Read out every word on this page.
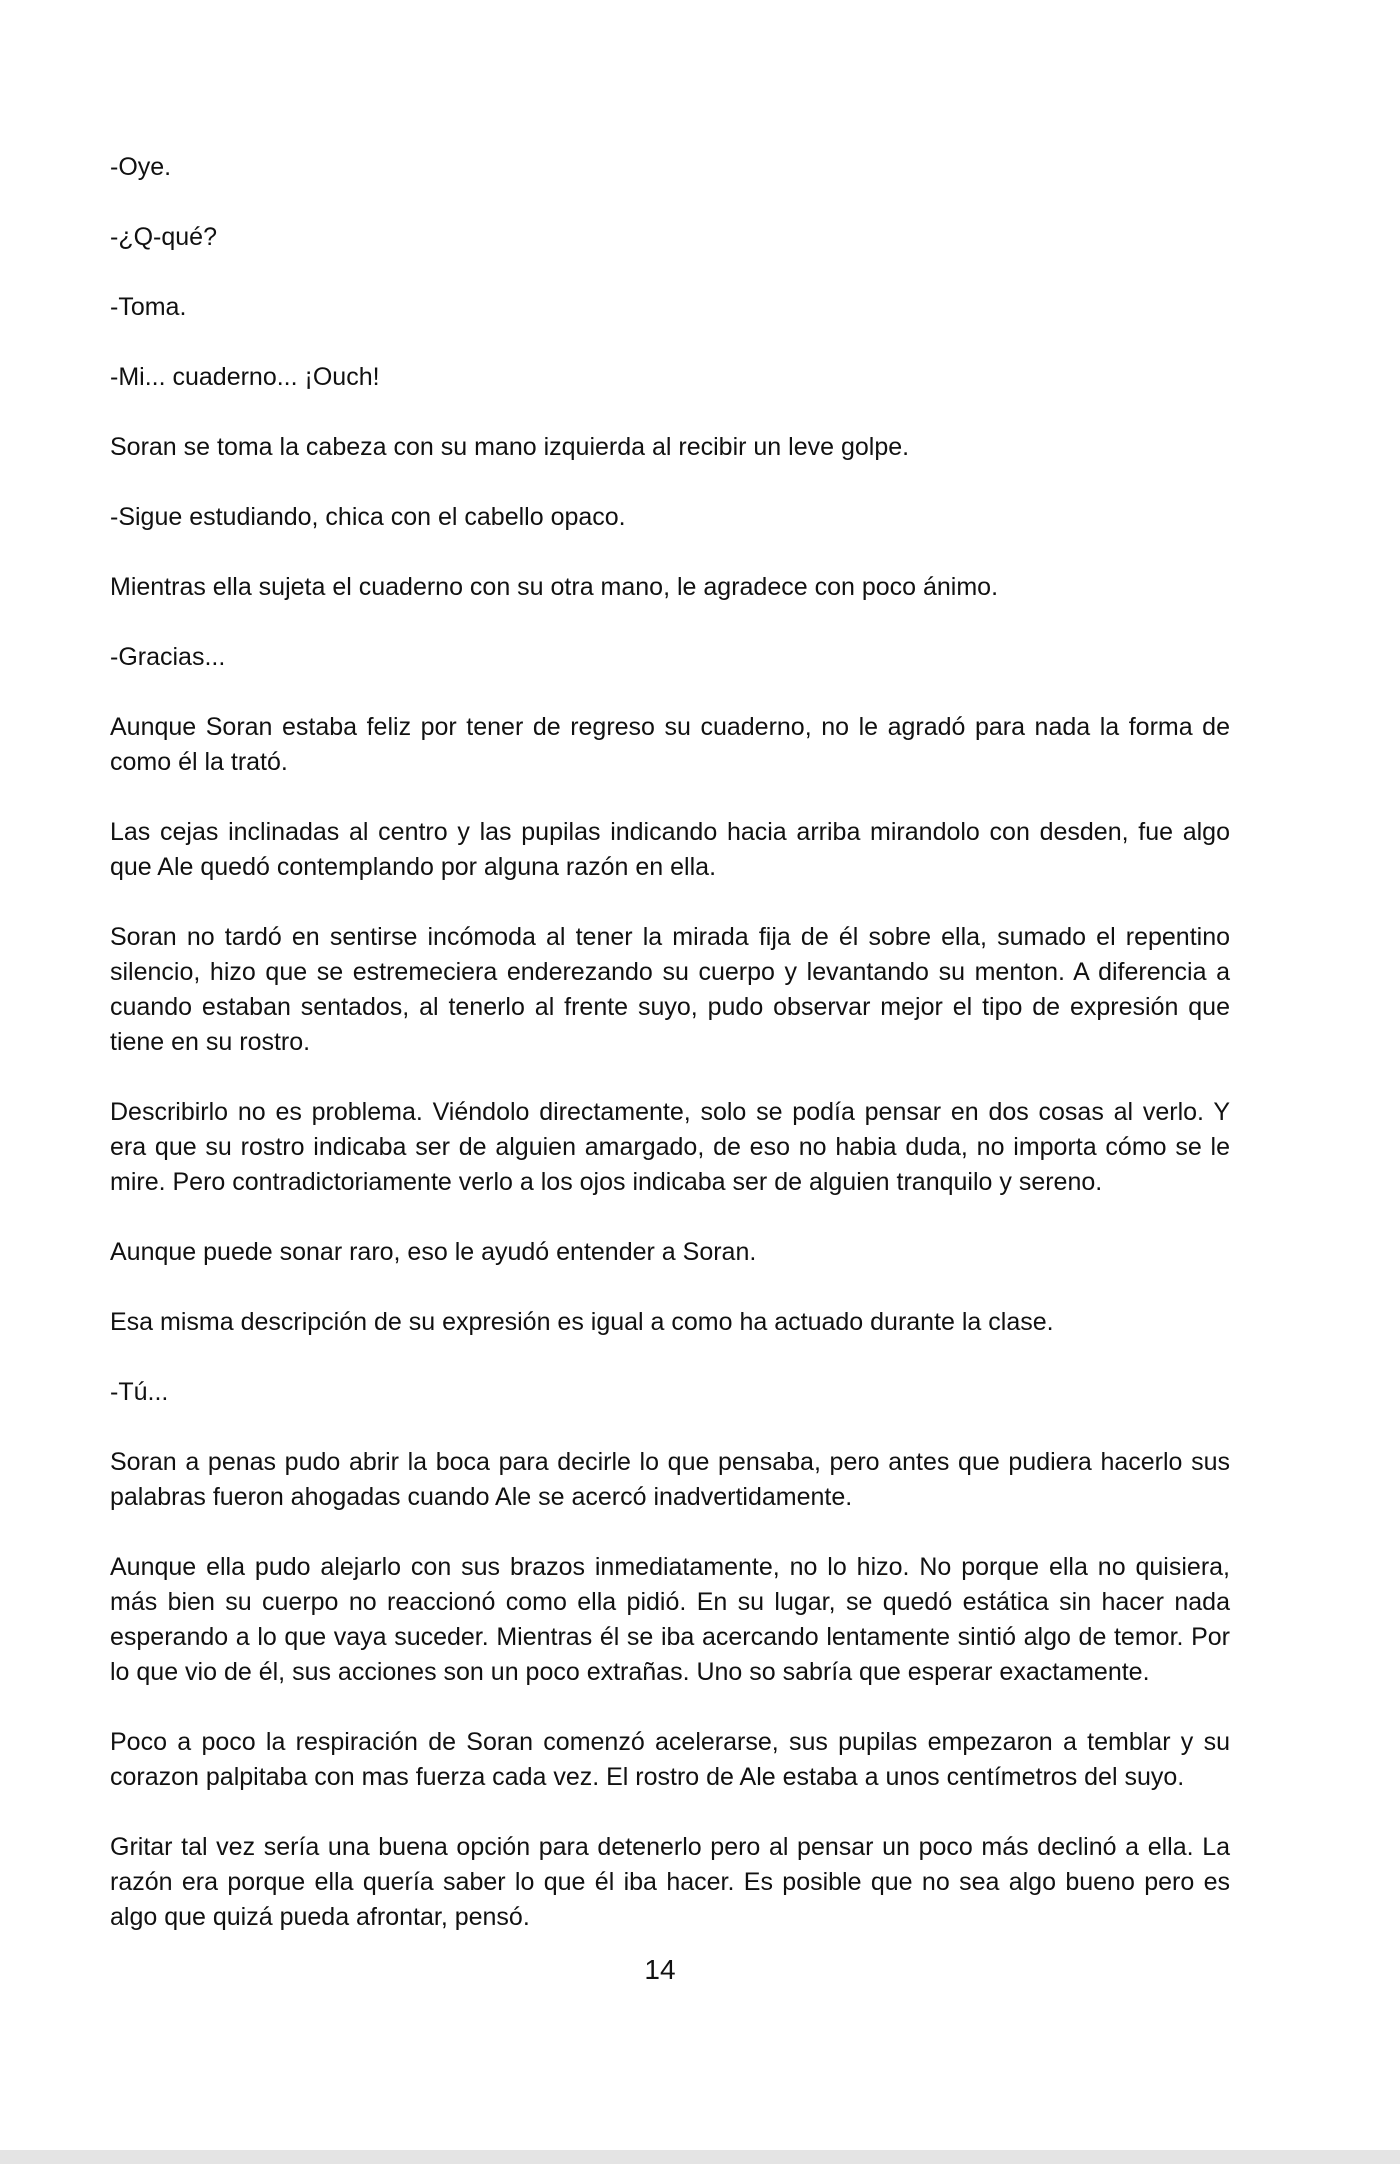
-Oye.

-¿Q-qué?

-Toma.

-Mi... cuaderno... ¡Ouch!

Soran se toma la cabeza con su mano izquierda al recibir un leve golpe.

-Sigue estudiando, chica con el cabello opaco.

Mientras ella sujeta el cuaderno con su otra mano, le agradece con poco ánimo.

-Gracias...

Aunque Soran estaba feliz por tener de regreso su cuaderno, no le agradó para nada la forma de como él la trató.

Las cejas inclinadas al centro y las pupilas indicando hacia arriba mirandolo con desden, fue algo que Ale quedó contemplando por alguna razón en ella.

Soran no tardó en sentirse incómoda al tener la mirada fija de él sobre ella, sumado el repentino silencio, hizo que se estremeciera enderezando su cuerpo y levantando su menton. A diferencia a cuando estaban sentados, al tenerlo al frente suyo, pudo observar mejor el tipo de expresión que tiene en su rostro.

Describirlo no es problema. Viéndolo directamente, solo se podía pensar en dos cosas al verlo. Y era que su rostro indicaba ser de alguien amargado, de eso no habia duda, no importa cómo se le mire. Pero contradictoriamente verlo a los ojos indicaba ser de alguien tranquilo y sereno.

Aunque puede sonar raro, eso le ayudó entender a Soran.

Esa misma descripción de su expresión es igual a como ha actuado durante la clase.

-Tú...

Soran a penas pudo abrir la boca para decirle lo que pensaba, pero antes que pudiera hacerlo sus palabras fueron ahogadas cuando Ale se acercó inadvertidamente.

Aunque ella pudo alejarlo con sus brazos inmediatamente, no lo hizo. No porque ella no quisiera, más bien su cuerpo no reaccionó como ella pidió. En su lugar, se quedó estática sin hacer nada esperando a lo que vaya suceder. Mientras él se iba acercando lentamente sintió algo de temor. Por lo que vio de él, sus acciones son un poco extrañas. Uno so sabría que esperar exactamente.

Poco a poco la respiración de Soran comenzó acelerarse, sus pupilas empezaron a temblar y su corazon palpitaba con mas fuerza cada vez. El rostro de Ale estaba a unos centímetros del suyo.

Gritar tal vez sería una buena opción para detenerlo pero al pensar un poco más declinó a ella. La razón era porque ella quería saber lo que él iba hacer. Es posible que no sea algo bueno pero es algo que quizá pueda afrontar, pensó.

14
